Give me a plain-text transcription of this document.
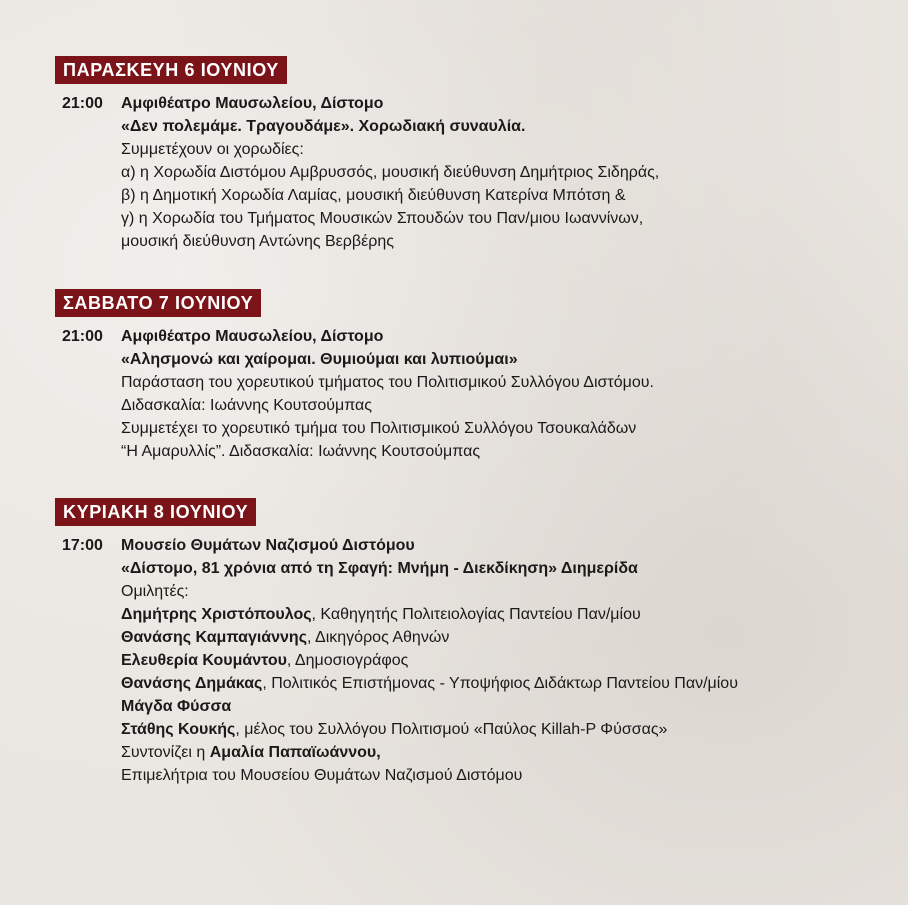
ΠΑΡΑΣΚΕΥΗ 6 ΙΟΥΝΙΟΥ
21:00 Αμφιθέατρο Μαυσωλείου, Δίστομο
«Δεν πολεμάμε. Τραγουδάμε». Χορωδιακή συναυλία.
Συμμετέχουν οι χορωδίες:
α) η Χορωδία Διστόμου Αμβρυσσός, μουσική διεύθυνση Δημήτριος Σιδηράς,
β) η Δημοτική Χορωδία Λαμίας, μουσική διεύθυνση Κατερίνα Μπότση &
γ) η Χορωδία του Τμήματος Μουσικών Σπουδών του Παν/μιου Ιωαννίνων,
μουσική διεύθυνση Αντώνης Βερβέρης
ΣΑΒΒΑΤΟ 7 ΙΟΥΝΙΟΥ
21:00 Αμφιθέατρο Μαυσωλείου, Δίστομο
«Αλησμονώ και χαίρομαι. Θυμιούμαι και λυπιούμαι»
Παράσταση του χορευτικού τμήματος του Πολιτισμικού Συλλόγου Διστόμου.
Διδασκαλία: Ιωάννης Κουτσούμπας
Συμμετέχει το χορευτικό τμήμα του Πολιτισμικού Συλλόγου Τσουκαλάδων
“Η Αμαρυλλίς”. Διδασκαλία: Ιωάννης Κουτσούμπας
ΚΥΡΙΑΚΗ 8 ΙΟΥΝΙΟΥ
17:00 Μουσείο Θυμάτων Ναζισμού Διστόμου
«Δίστομο, 81 χρόνια από τη Σφαγή: Μνήμη - Διεκδίκηση» Διημερίδα
Ομιλητές:
Δημήτρης Χριστόπουλος, Καθηγητής Πολιτειολογίας Παντείου Παν/μίου
Θανάσης Καμπαγιάννης, Δικηγόρος Αθηνών
Ελευθερία Κουμάντου, Δημοσιογράφος
Θανάσης Δημάκας, Πολιτικός Επιστήμονας - Υποψήφιος Διδάκτωρ Παντείου Παν/μίου
Μάγδα Φύσσα
Στάθης Κουκής, μέλος του Συλλόγου Πολιτισμού «Παύλος Killah-P Φύσσας»
Συντονίζει η Αμαλία Παπαϊωάννου,
Επιμελήτρια του Μουσείου Θυμάτων Ναζισμού Διστόμου
